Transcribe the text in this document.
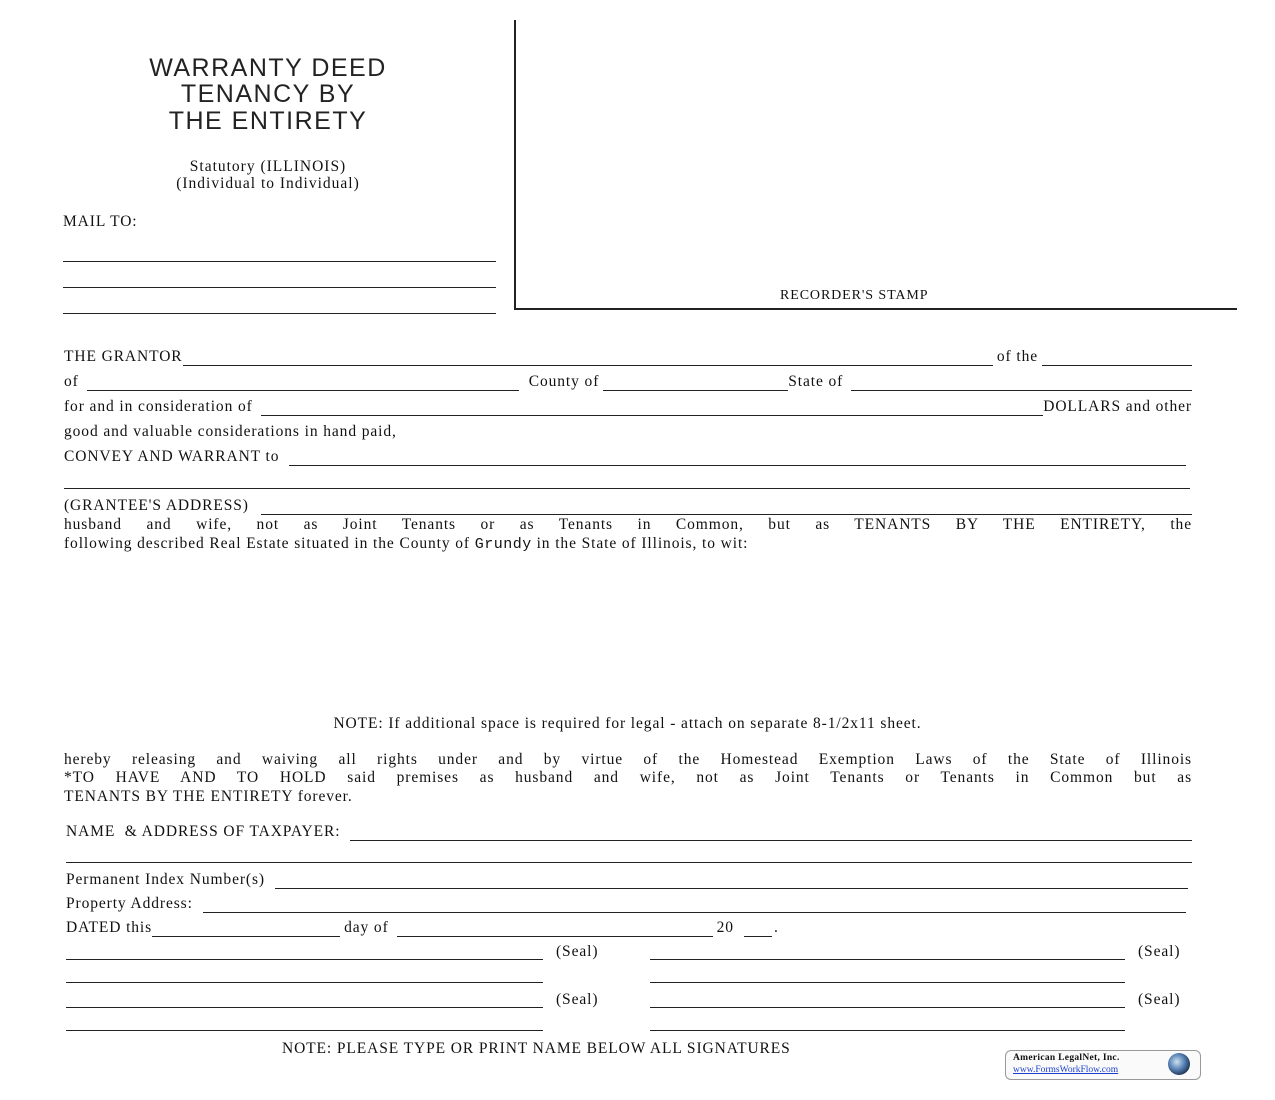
WARRANTY DEED
TENANCY BY
THE ENTIRETY
Statutory (ILLINOIS)
(Individual to Individual)
MAIL TO:
RECORDER'S STAMP
THE GRANTOR	of the
of	County of	State of
for and in consideration of	DOLLARS and other
good and valuable considerations in hand paid,
CONVEY AND WARRANT to
(GRANTEE'S ADDRESS)
husband and wife, not as Joint Tenants or as Tenants in Common, but as TENANTS BY THE ENTIRETY, the
following described Real Estate situated in the County of Grundy in the State of Illinois, to wit:
NOTE: If additional space is required for legal - attach on separate 8-1/2x11 sheet.
hereby releasing and waiving all rights under and by virtue of the Homestead Exemption Laws of the State of Illinois
*TO HAVE AND TO HOLD said premises as husband and wife, not as Joint Tenants or Tenants in Common but as
TENANTS BY THE ENTIRETY forever.
NAME  & ADDRESS OF TAXPAYER:
Permanent Index Number(s)
Property Address:
DATED this	day of	20	.
(Seal)	(Seal)
(Seal)	(Seal)
NOTE: PLEASE TYPE OR PRINT NAME BELOW ALL SIGNATURES
American LegalNet, Inc.
www.FormsWorkFlow.com
